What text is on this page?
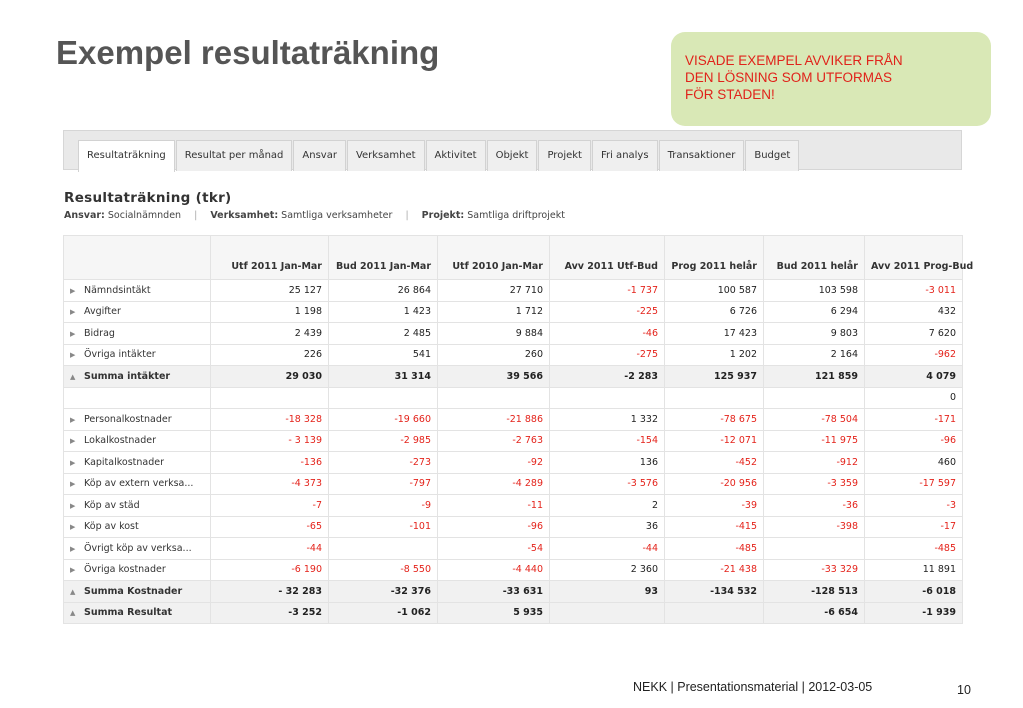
Exempel resultaträkning	VISADE EXEMPEL AVVIKER FRÅN
DEN LÖSNING SOM UTFORMAS
FÖR STADEN!
Resultaträkning	Resultat per månad	Ansvar	Verksamhet	Aktivitet	Objekt	Projekt	Fri analys	Transaktioner	Budget
Resultaträkning (tkr)
Ansvar: Socialnämnden | Verksamhet: Samtliga verksamheter | Projekt: Samtliga driftprojekt
	Utf 2011 Jan-Mar	Bud 2011 Jan-Mar	Utf 2010 Jan-Mar	Avv 2011 Utf-Bud	Prog 2011 helår	Bud 2011 helår	Avv 2011 Prog-Bud
▶ Nämndsintäkt	25 127	26 864	27 710	-1 737	100 587	103 598	-3 011
▶ Avgifter	1 198	1 423	1 712	-225	6 726	6 294	432
▶ Bidrag	2 439	2 485	9 884	-46	17 423	9 803	7 620
▶ Övriga intäkter	226	541	260	-275	1 202	2 164	-962
▲ Summa intäkter	29 030	31 314	39 566	-2 283	125 937	121 859	4 079
							0
▶ Personalkostnader	-18 328	-19 660	-21 886	1 332	-78 675	-78 504	-171
▶ Lokalkostnader	- 3 139	-2 985	-2 763	-154	-12 071	-11 975	-96
▶ Kapitalkostnader	-136	-273	-92	136	-452	-912	460
▶ Köp av extern verksa...	-4 373	-797	-4 289	-3 576	-20 956	-3 359	-17 597
▶ Köp av städ	-7	-9	-11	2	-39	-36	-3
▶ Köp av kost	-65	-101	-96	36	-415	-398	-17
▶ Övrigt köp av verksa...	-44		-54	-44	-485		-485
▶ Övriga kostnader	-6 190	-8 550	-4 440	2 360	-21 438	-33 329	11 891
▲ Summa Kostnader	- 32 283	-32 376	-33 631	93	-134 532	-128 513	-6 018
▲ Summa Resultat	-3 252	-1 062	5 935			-6 654	-1 939
NEKK | Presentationsmaterial | 2012-03-05	10
